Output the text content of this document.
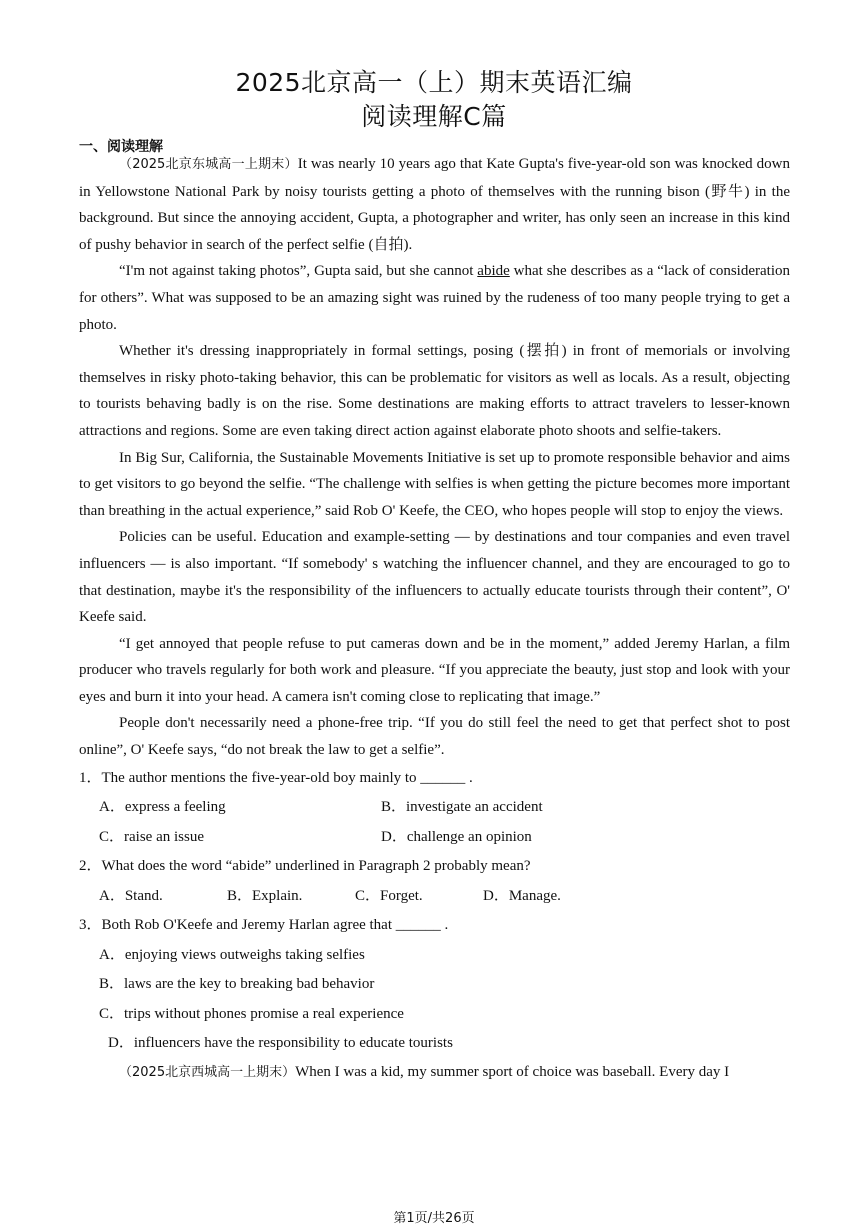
2025北京高一（上）期末英语汇编
阅读理解C篇
一、阅读理解

（2025北京东城高一上期末）It was nearly 10 years ago that Kate Gupta's five-year-old son was knocked down in Yellowstone National Park by noisy tourists getting a photo of themselves with the running bison (野牛) in the background. But since the annoying accident, Gupta, a photographer and writer, has only seen an increase in this kind of pushy behavior in search of the perfect selfie (自拍).

“I'm not against taking photos”, Gupta said, but she cannot abide what she describes as a “lack of consideration for others”. What was supposed to be an amazing sight was ruined by the rudeness of too many people trying to get a photo.

Whether it's dressing inappropriately in formal settings, posing (摆拍) in front of memorials or involving themselves in risky photo-taking behavior, this can be problematic for visitors as well as locals. As a result, objecting to tourists behaving badly is on the rise. Some destinations are making efforts to attract travelers to lesser-known attractions and regions. Some are even taking direct action against elaborate photo shoots and selfie-takers.

In Big Sur, California, the Sustainable Movements Initiative is set up to promote responsible behavior and aims to get visitors to go beyond the selfie. “The challenge with selfies is when getting the picture becomes more important than breathing in the actual experience,” said Rob O' Keefe, the CEO, who hopes people will stop to enjoy the views.

Policies can be useful. Education and example-setting — by destinations and tour companies and even travel influencers — is also important. “If somebody' s watching the influencer channel, and they are encouraged to go to that destination, maybe it's the responsibility of the influencers to actually educate tourists through their content”, O' Keefe said.

“I get annoyed that people refuse to put cameras down and be in the moment,” added Jeremy Harlan, a film producer who travels regularly for both work and pleasure. “If you appreciate the beauty, just stop and look with your eyes and burn it into your head. A camera isn't coming close to replicating that image.”

People don't necessarily need a phone-free trip. “If you do still feel the need to get that perfect shot to post online”, O' Keefe says, “do not break the law to get a selfie”.

1．The author mentions the five-year-old boy mainly to ______ .
A．express a feeling	B．investigate an accident
C．raise an issue	D．challenge an opinion
2．What does the word “abide” underlined in Paragraph 2 probably mean?
A．Stand.	B．Explain.	C．Forget.	D．Manage.
3．Both Rob O'Keefe and Jeremy Harlan agree that ______ .
A．enjoying views outweighs taking selfies
B．laws are the key to breaking bad behavior
C．trips without phones promise a real experience
D．influencers have the responsibility to educate tourists

（2025北京西城高一上期末）When I was a kid, my summer sport of choice was baseball. Every day I

第1页/共26页
